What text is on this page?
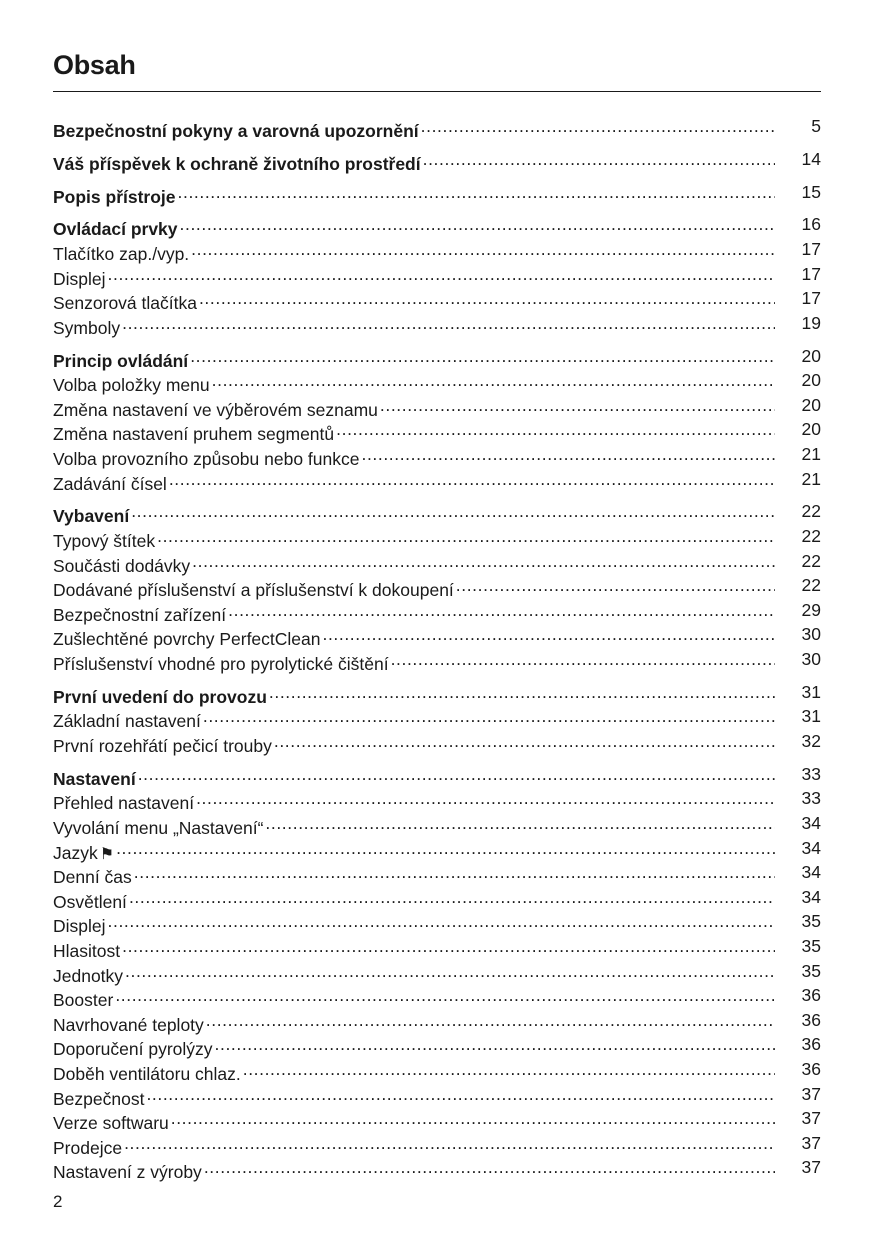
Obsah
Bezpečnostní pokyny a varovná upozornění .....	5
Váš příspěvek k ochraně životního prostředí .....	14
Popis přístroje .....	15
Ovládací prvky .....	16
Tlačítko zap./vyp. .....	17
Displej .....	17
Senzorová tlačítka .....	17
Symboly .....	19
Princip ovládání .....	20
Volba položky menu .....	20
Změna nastavení ve výběrovém seznamu .....	20
Změna nastavení pruhem segmentů .....	20
Volba provozního způsobu nebo funkce .....	21
Zadávání čísel .....	21
Vybavení .....	22
Typový štítek .....	22
Součásti dodávky .....	22
Dodávané příslušenství a příslušenství k dokoupení .....	22
Bezpečnostní zařízení .....	29
Zušlechtěné povrchy PerfectClean .....	30
Příslušenství vhodné pro pyrolytické čištění .....	30
První uvedení do provozu .....	31
Základní nastavení .....	31
První rozehřátí pečicí trouby .....	32
Nastavení .....	33
Přehled nastavení .....	33
Vyvolání menu „Nastavení“ .....	34
Jazyk ⚑ .....	34
Denní čas .....	34
Osvětlení .....	34
Displej .....	35
Hlasitost .....	35
Jednotky .....	35
Booster .....	36
Navrhované teploty .....	36
Doporučení pyrolýzy .....	36
Doběh ventilátoru chlaz. .....	36
Bezpečnost .....	37
Verze softwaru .....	37
Prodejce .....	37
Nastavení z výroby .....	37
2
